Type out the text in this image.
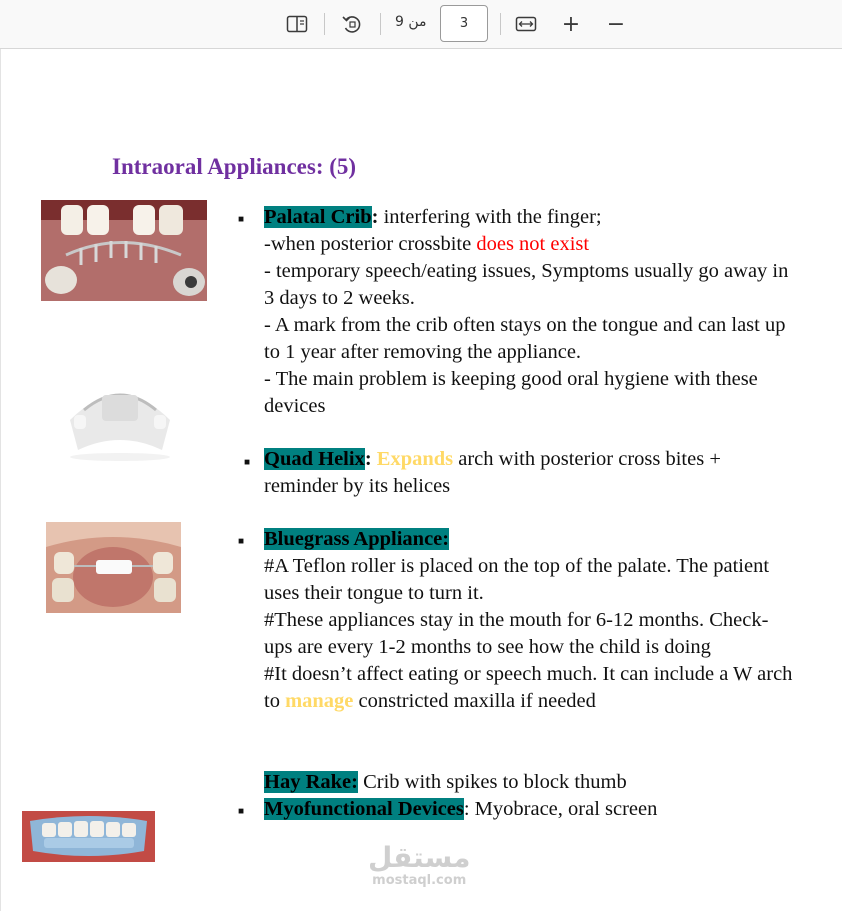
من 9	3	+ −
Intraoral Appliances: (5)
■
■
■
■
Palatal Crib: interfering with the finger;
-when posterior crossbite does not exist
- temporary speech/eating issues, Symptoms usually go away in 3 days to 2 weeks.
- A mark from the crib often stays on the tongue and can last up to 1 year after removing the appliance.
- The main problem is keeping good oral hygiene with these devices
Quad Helix: Expands arch with posterior cross bites + reminder by its helices
Bluegrass Appliance:
#A Teflon roller is placed on the top of the palate. The patient uses their tongue to turn it.
#These appliances stay in the mouth for 6-12 months. Check-ups are every 1-2 months to see how the child is doing
#It doesn’t affect eating or speech much. It can include a W arch to manage constricted maxilla if needed
Hay Rake: Crib with spikes to block thumb
Myofunctional Devices: Myobrace, oral screen
مستقل
mostaql.com
